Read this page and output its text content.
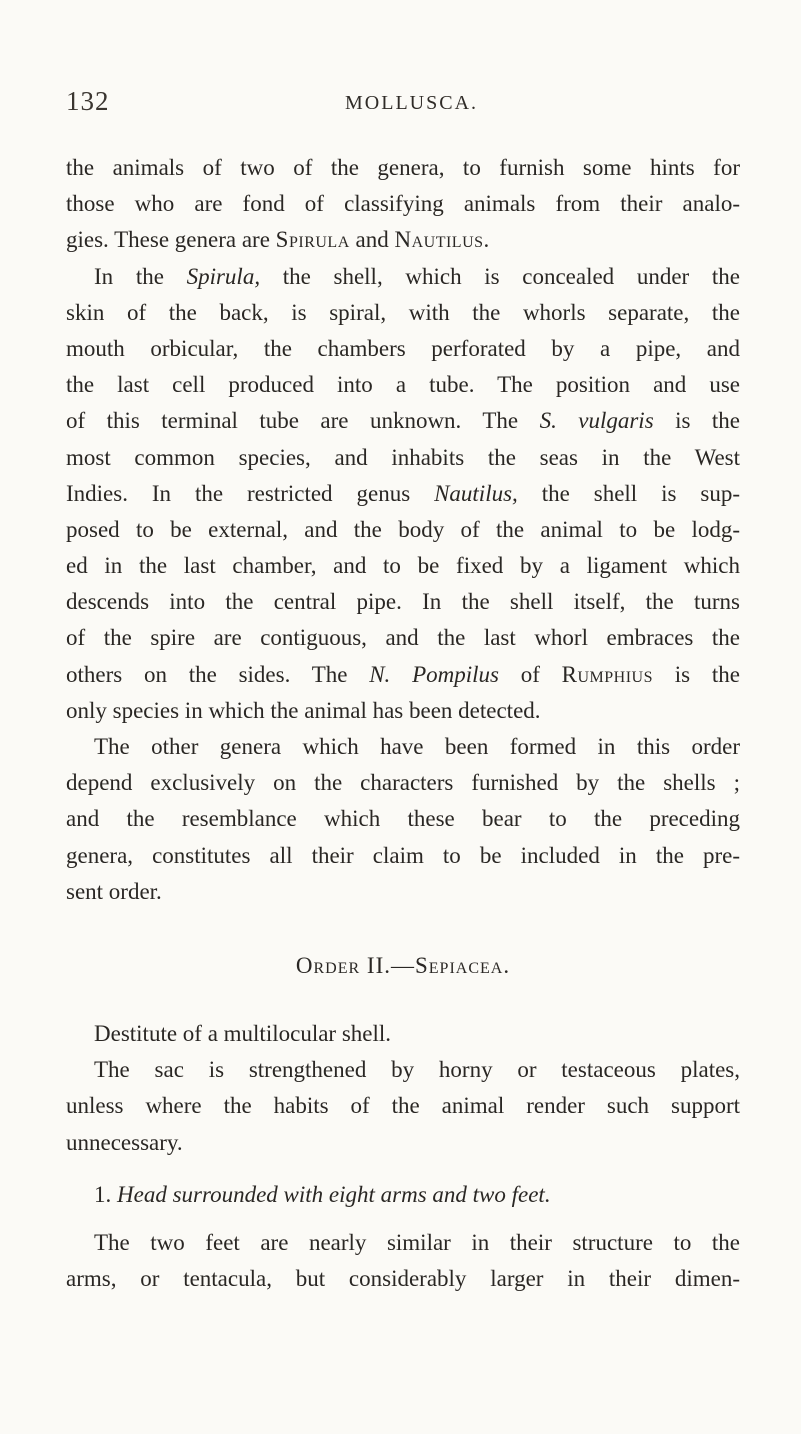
132	MOLLUSCA.
the animals of two of the genera, to furnish some hints for
those who are fond of classifying animals from their analo-
gies. These genera are Spirula and Nautilus.
In the Spirula, the shell, which is concealed under the
skin of the back, is spiral, with the whorls separate, the
mouth orbicular, the chambers perforated by a pipe, and
the last cell produced into a tube. The position and use
of this terminal tube are unknown. The S. vulgaris is the
most common species, and inhabits the seas in the West
Indies. In the restricted genus Nautilus, the shell is sup-
posed to be external, and the body of the animal to be lodg-
ed in the last chamber, and to be fixed by a ligament which
descends into the central pipe. In the shell itself, the turns
of the spire are contiguous, and the last whorl embraces the
others on the sides. The N. Pompilus of Rumphius is the
only species in which the animal has been detected.
The other genera which have been formed in this order
depend exclusively on the characters furnished by the shells ;
and the resemblance which these bear to the preceding
genera, constitutes all their claim to be included in the pre-
sent order.
Order II.—Sepiacea.
Destitute of a multilocular shell.
The sac is strengthened by horny or testaceous plates,
unless where the habits of the animal render such support
unnecessary.
1. Head surrounded with eight arms and two feet.
The two feet are nearly similar in their structure to the
arms, or tentacula, but considerably larger in their dimen-
